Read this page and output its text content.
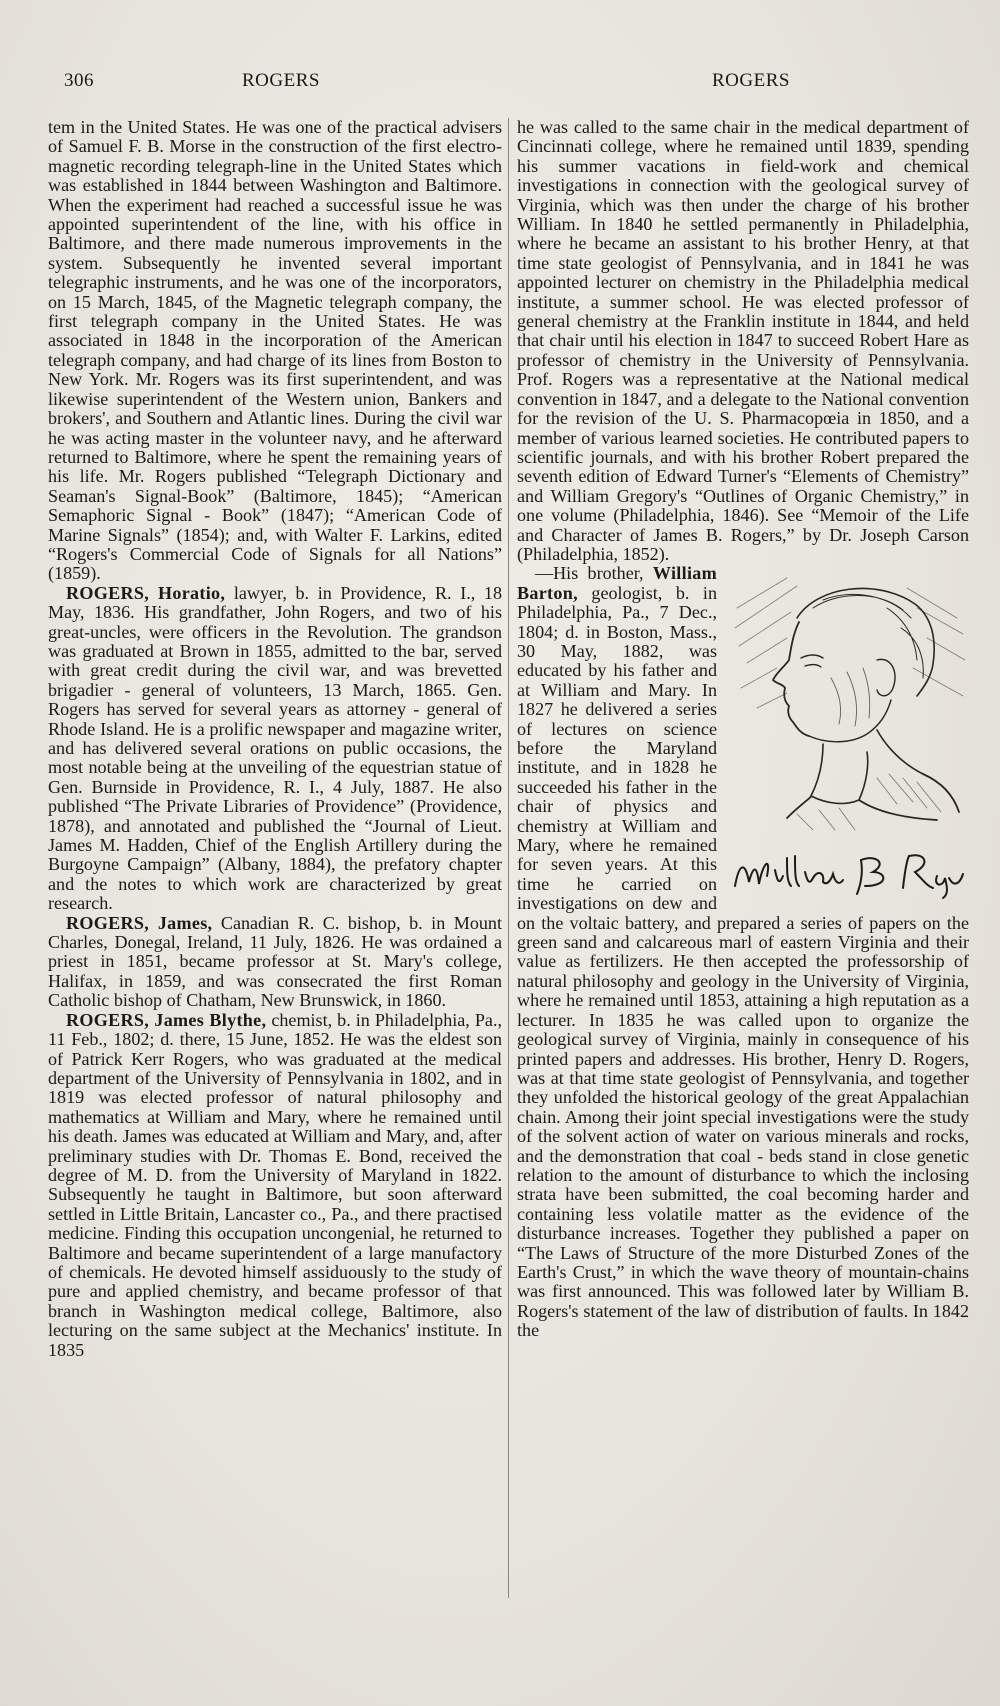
306	ROGERS	ROGERS

tem in the United States. He was one of the practical advisers of Samuel F. B. Morse in the construction of the first electro-magnetic recording telegraph-line in the United States which was established in 1844 between Washington and Baltimore. When the experiment had reached a successful issue he was appointed superintendent of the line, with his office in Baltimore, and there made numerous improvements in the system. Subsequently he invented several important telegraphic instruments, and he was one of the incorporators, on 15 March, 1845, of the Magnetic telegraph company, the first telegraph company in the United States. He was associated in 1848 in the incorporation of the American telegraph company, and had charge of its lines from Boston to New York. Mr. Rogers was its first superintendent, and was likewise superintendent of the Western union, Bankers and brokers', and Southern and Atlantic lines. During the civil war he was acting master in the volunteer navy, and he afterward returned to Baltimore, where he spent the remaining years of his life. Mr. Rogers published “Telegraph Dictionary and Seaman's Signal-Book” (Baltimore, 1845); “American Semaphoric Signal - Book” (1847); “American Code of Marine Signals” (1854); and, with Walter F. Larkins, edited “Rogers's Commercial Code of Signals for all Nations” (1859).

ROGERS, Horatio, lawyer, b. in Providence, R. I., 18 May, 1836. His grandfather, John Rogers, and two of his great-uncles, were officers in the Revolution. The grandson was graduated at Brown in 1855, admitted to the bar, served with great credit during the civil war, and was brevetted brigadier - general of volunteers, 13 March, 1865. Gen. Rogers has served for several years as attorney - general of Rhode Island. He is a prolific newspaper and magazine writer, and has delivered several orations on public occasions, the most notable being at the unveiling of the equestrian statue of Gen. Burnside in Providence, R. I., 4 July, 1887. He also published “The Private Libraries of Providence” (Providence, 1878), and annotated and published the “Journal of Lieut. James M. Hadden, Chief of the English Artillery during the Burgoyne Campaign” (Albany, 1884), the prefatory chapter and the notes to which work are characterized by great research.

ROGERS, James, Canadian R. C. bishop, b. in Mount Charles, Donegal, Ireland, 11 July, 1826. He was ordained a priest in 1851, became professor at St. Mary's college, Halifax, in 1859, and was consecrated the first Roman Catholic bishop of Chatham, New Brunswick, in 1860.

ROGERS, James Blythe, chemist, b. in Philadelphia, Pa., 11 Feb., 1802; d. there, 15 June, 1852. He was the eldest son of Patrick Kerr Rogers, who was graduated at the medical department of the University of Pennsylvania in 1802, and in 1819 was elected professor of natural philosophy and mathematics at William and Mary, where he remained until his death. James was educated at William and Mary, and, after preliminary studies with Dr. Thomas E. Bond, received the degree of M. D. from the University of Maryland in 1822. Subsequently he taught in Baltimore, but soon afterward settled in Little Britain, Lancaster co., Pa., and there practised medicine. Finding this occupation uncongenial, he returned to Baltimore and became superintendent of a large manufactory of chemicals. He devoted himself assiduously to the study of pure and applied chemistry, and became professor of that branch in Washington medical college, Baltimore, also lecturing on the same subject at the Mechanics' institute. In 1835

he was called to the same chair in the medical department of Cincinnati college, where he remained until 1839, spending his summer vacations in field-work and chemical investigations in connection with the geological survey of Virginia, which was then under the charge of his brother William. In 1840 he settled permanently in Philadelphia, where he became an assistant to his brother Henry, at that time state geologist of Pennsylvania, and in 1841 he was appointed lecturer on chemistry in the Philadelphia medical institute, a summer school. He was elected professor of general chemistry at the Franklin institute in 1844, and held that chair until his election in 1847 to succeed Robert Hare as professor of chemistry in the University of Pennsylvania. Prof. Rogers was a representative at the National medical convention in 1847, and a delegate to the National convention for the revision of the U. S. Pharmacopœia in 1850, and a member of various learned societies. He contributed papers to scientific journals, and with his brother Robert prepared the seventh edition of Edward Turner's “Elements of Chemistry” and William Gregory's “Outlines of Organic Chemistry,” in one volume (Philadelphia, 1846). See “Memoir of the Life and Character of James B. Rogers,” by Dr. Joseph Carson (Philadelphia, 1852).

William B Rogers

—His brother, William Barton, geologist, b. in Philadelphia, Pa., 7 Dec., 1804; d. in Boston, Mass., 30 May, 1882, was educated by his father and at William and Mary. In 1827 he delivered a series of lectures on science before the Maryland institute, and in 1828 he succeeded his father in the chair of physics and chemistry at William and Mary, where he remained for seven years. At this time he carried on investigations on dew and on the voltaic battery, and prepared a series of papers on the green sand and calcareous marl of eastern Virginia and their value as fertilizers. He then accepted the professorship of natural philosophy and geology in the University of Virginia, where he remained until 1853, attaining a high reputation as a lecturer. In 1835 he was called upon to organize the geological survey of Virginia, mainly in consequence of his printed papers and addresses. His brother, Henry D. Rogers, was at that time state geologist of Pennsylvania, and together they unfolded the historical geology of the great Appalachian chain. Among their joint special investigations were the study of the solvent action of water on various minerals and rocks, and the demonstration that coal - beds stand in close genetic relation to the amount of disturbance to which the inclosing strata have been submitted, the coal becoming harder and containing less volatile matter as the evidence of the disturbance increases. Together they published a paper on “The Laws of Structure of the more Disturbed Zones of the Earth's Crust,” in which the wave theory of mountain-chains was first announced. This was followed later by William B. Rogers's statement of the law of distribution of faults. In 1842 the
